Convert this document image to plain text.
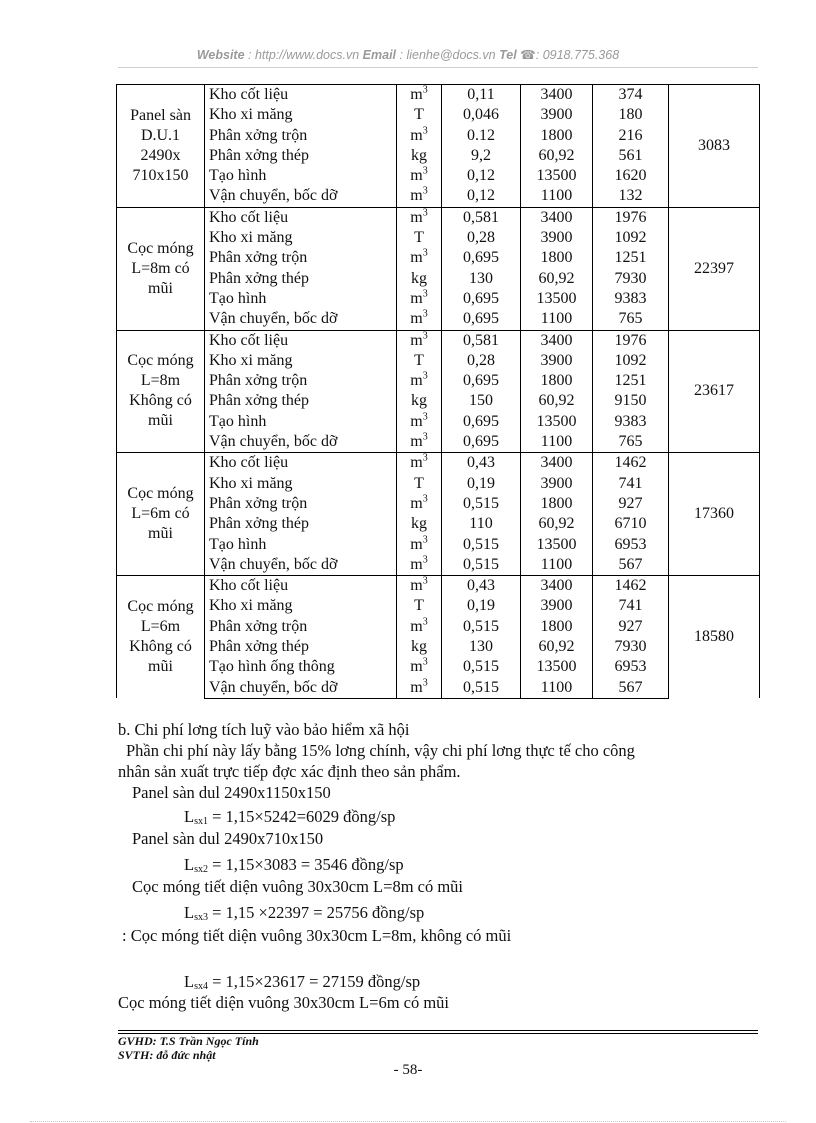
Website : http://www.docs.vn Email : lienhe@docs.vn Tel ☎: 0918.775.368
Panel sàn D.U.1 2490x 710x150	Kho cốt liệu	$m^3$	0,11	3400	374	3083
	Kho xi măng	T	0,046	3900	180	
	Phân xởng trộn	$m^3$	0.12	1800	216	
	Phân xởng thép	kg	9,2	60,92	561	
	Tạo hình	$m^3$	0,12	13500	1620	
	Vận chuyển, bốc dỡ	$m^3$	0,12	1100	132	
Cọc móng L=8m có mũi	Kho cốt liệu	$m^3$	0,581	3400	1976	22397
	Kho xi măng	T	0,28	3900	1092	
	Phân xởng trộn	$m^3$	0,695	1800	1251	
	Phân xởng thép	kg	130	60,92	7930	
	Tạo hình	$m^3$	0,695	13500	9383	
	Vận chuyển, bốc dỡ	$m^3$	0,695	1100	765	
Cọc móng L=8m Không có mũi	Kho cốt liệu	$m^3$	0,581	3400	1976	23617
	Kho xi măng	T	0,28	3900	1092	
	Phân xởng trộn	$m^3$	0,695	1800	1251	
	Phân xởng thép	kg	150	60,92	9150	
	Tạo hình	$m^3$	0,695	13500	9383	
	Vận chuyển, bốc dỡ	$m^3$	0,695	1100	765	
Cọc móng L=6m có mũi	Kho cốt liệu	$m^3$	0,43	3400	1462	17360
	Kho xi măng	T	0,19	3900	741	
	Phân xởng trộn	$m^3$	0,515	1800	927	
	Phân xởng thép	kg	110	60,92	6710	
	Tạo hình	$m^3$	0,515	13500	6953	
	Vận chuyển, bốc dỡ	$m^3$	0,515	1100	567	
Cọc móng L=6m Không có mũi	Kho cốt liệu	$m^3$	0,43	3400	1462	18580
	Kho xi măng	T	0,19	3900	741	
	Phân xởng trộn	$m^3$	0,515	1800	927	
	Phân xởng thép	kg	130	60,92	7930	
	Tạo hình ống thông	$m^3$	0,515	13500	6953	
	Vận chuyển, bốc dỡ	$m^3$	0,515	1100	567	
b. Chi phí lơng tích luỹ vào bảo hiểm xã hội
Phần chi phí này lấy bằng 15% lơng chính, vậy chi phí lơng thực tế cho công
nhân sản xuất trực tiếp đợc xác định theo sản phẩm.
Panel sàn dul 2490x1150x150
$L_{sx1} = 1,15\times 5242=6029$ đồng/sp
Panel sàn dul 2490x710x150
$L_{sx2} = 1,15\times 3083 = 3546$ đồng/sp
Cọc móng tiết diện vuông 30x30cm L=8m có mũi
$L_{sx3} = 1,15 \times 22397 = 25756$ đồng/sp
: Cọc móng tiết diện vuông 30x30cm L=8m, không có mũi
$L_{sx4} = 1,15\times 23617 = 27159$ đồng/sp
Cọc móng tiết diện vuông 30x30cm L=6m có mũi
GVHD: T.S Trần Ngọc Tính
SVTH: đỗ đức nhật
- 58-
